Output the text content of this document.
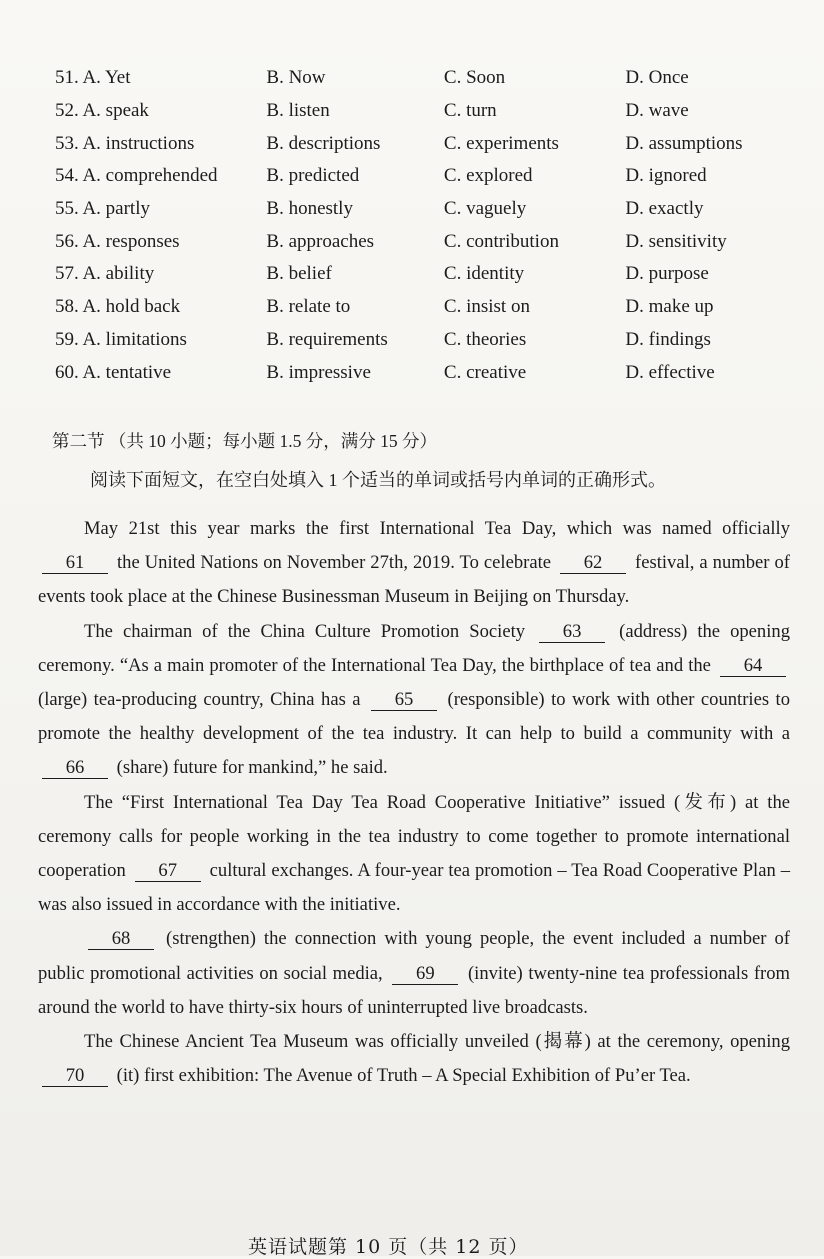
51. A. Yet	B. Now	C. Soon	D. Once
52. A. speak	B. listen	C. turn	D. wave
53. A. instructions	B. descriptions	C. experiments	D. assumptions
54. A. comprehended	B. predicted	C. explored	D. ignored
55. A. partly	B. honestly	C. vaguely	D. exactly
56. A. responses	B. approaches	C. contribution	D. sensitivity
57. A. ability	B. belief	C. identity	D. purpose
58. A. hold back	B. relate to	C. insist on	D. make up
59. A. limitations	B. requirements	C. theories	D. findings
60. A. tentative	B. impressive	C. creative	D. effective
第二节 （共 10 小题；每小题 1.5 分，满分 15 分）
阅读下面短文，在空白处填入 1 个适当的单词或括号内单词的正确形式。

May 21st this year marks the first International Tea Day, which was named officially 61 the United Nations on November 27th, 2019. To celebrate 62 festival, a number of events took place at the Chinese Businessman Museum in Beijing on Thursday.

The chairman of the China Culture Promotion Society 63 (address) the opening ceremony. “As a main promoter of the International Tea Day, the birthplace of tea and the 64 (large) tea-producing country, China has a 65 (responsible) to work with other countries to promote the healthy development of the tea industry. It can help to build a community with a 66 (share) future for mankind,” he said.

The “First International Tea Day Tea Road Cooperative Initiative” issued (发布) at the ceremony calls for people working in the tea industry to come together to promote international cooperation 67 cultural exchanges. A four-year tea promotion – Tea Road Cooperative Plan – was also issued in accordance with the initiative.

68 (strengthen) the connection with young people, the event included a number of public promotional activities on social media, 69 (invite) twenty-nine tea professionals from around the world to have thirty-six hours of uninterrupted live broadcasts.

The Chinese Ancient Tea Museum was officially unveiled (揭幕) at the ceremony, opening 70 (it) first exhibition: The Avenue of Truth – A Special Exhibition of Pu’er Tea.

英语试题第 10 页（共 12 页）
